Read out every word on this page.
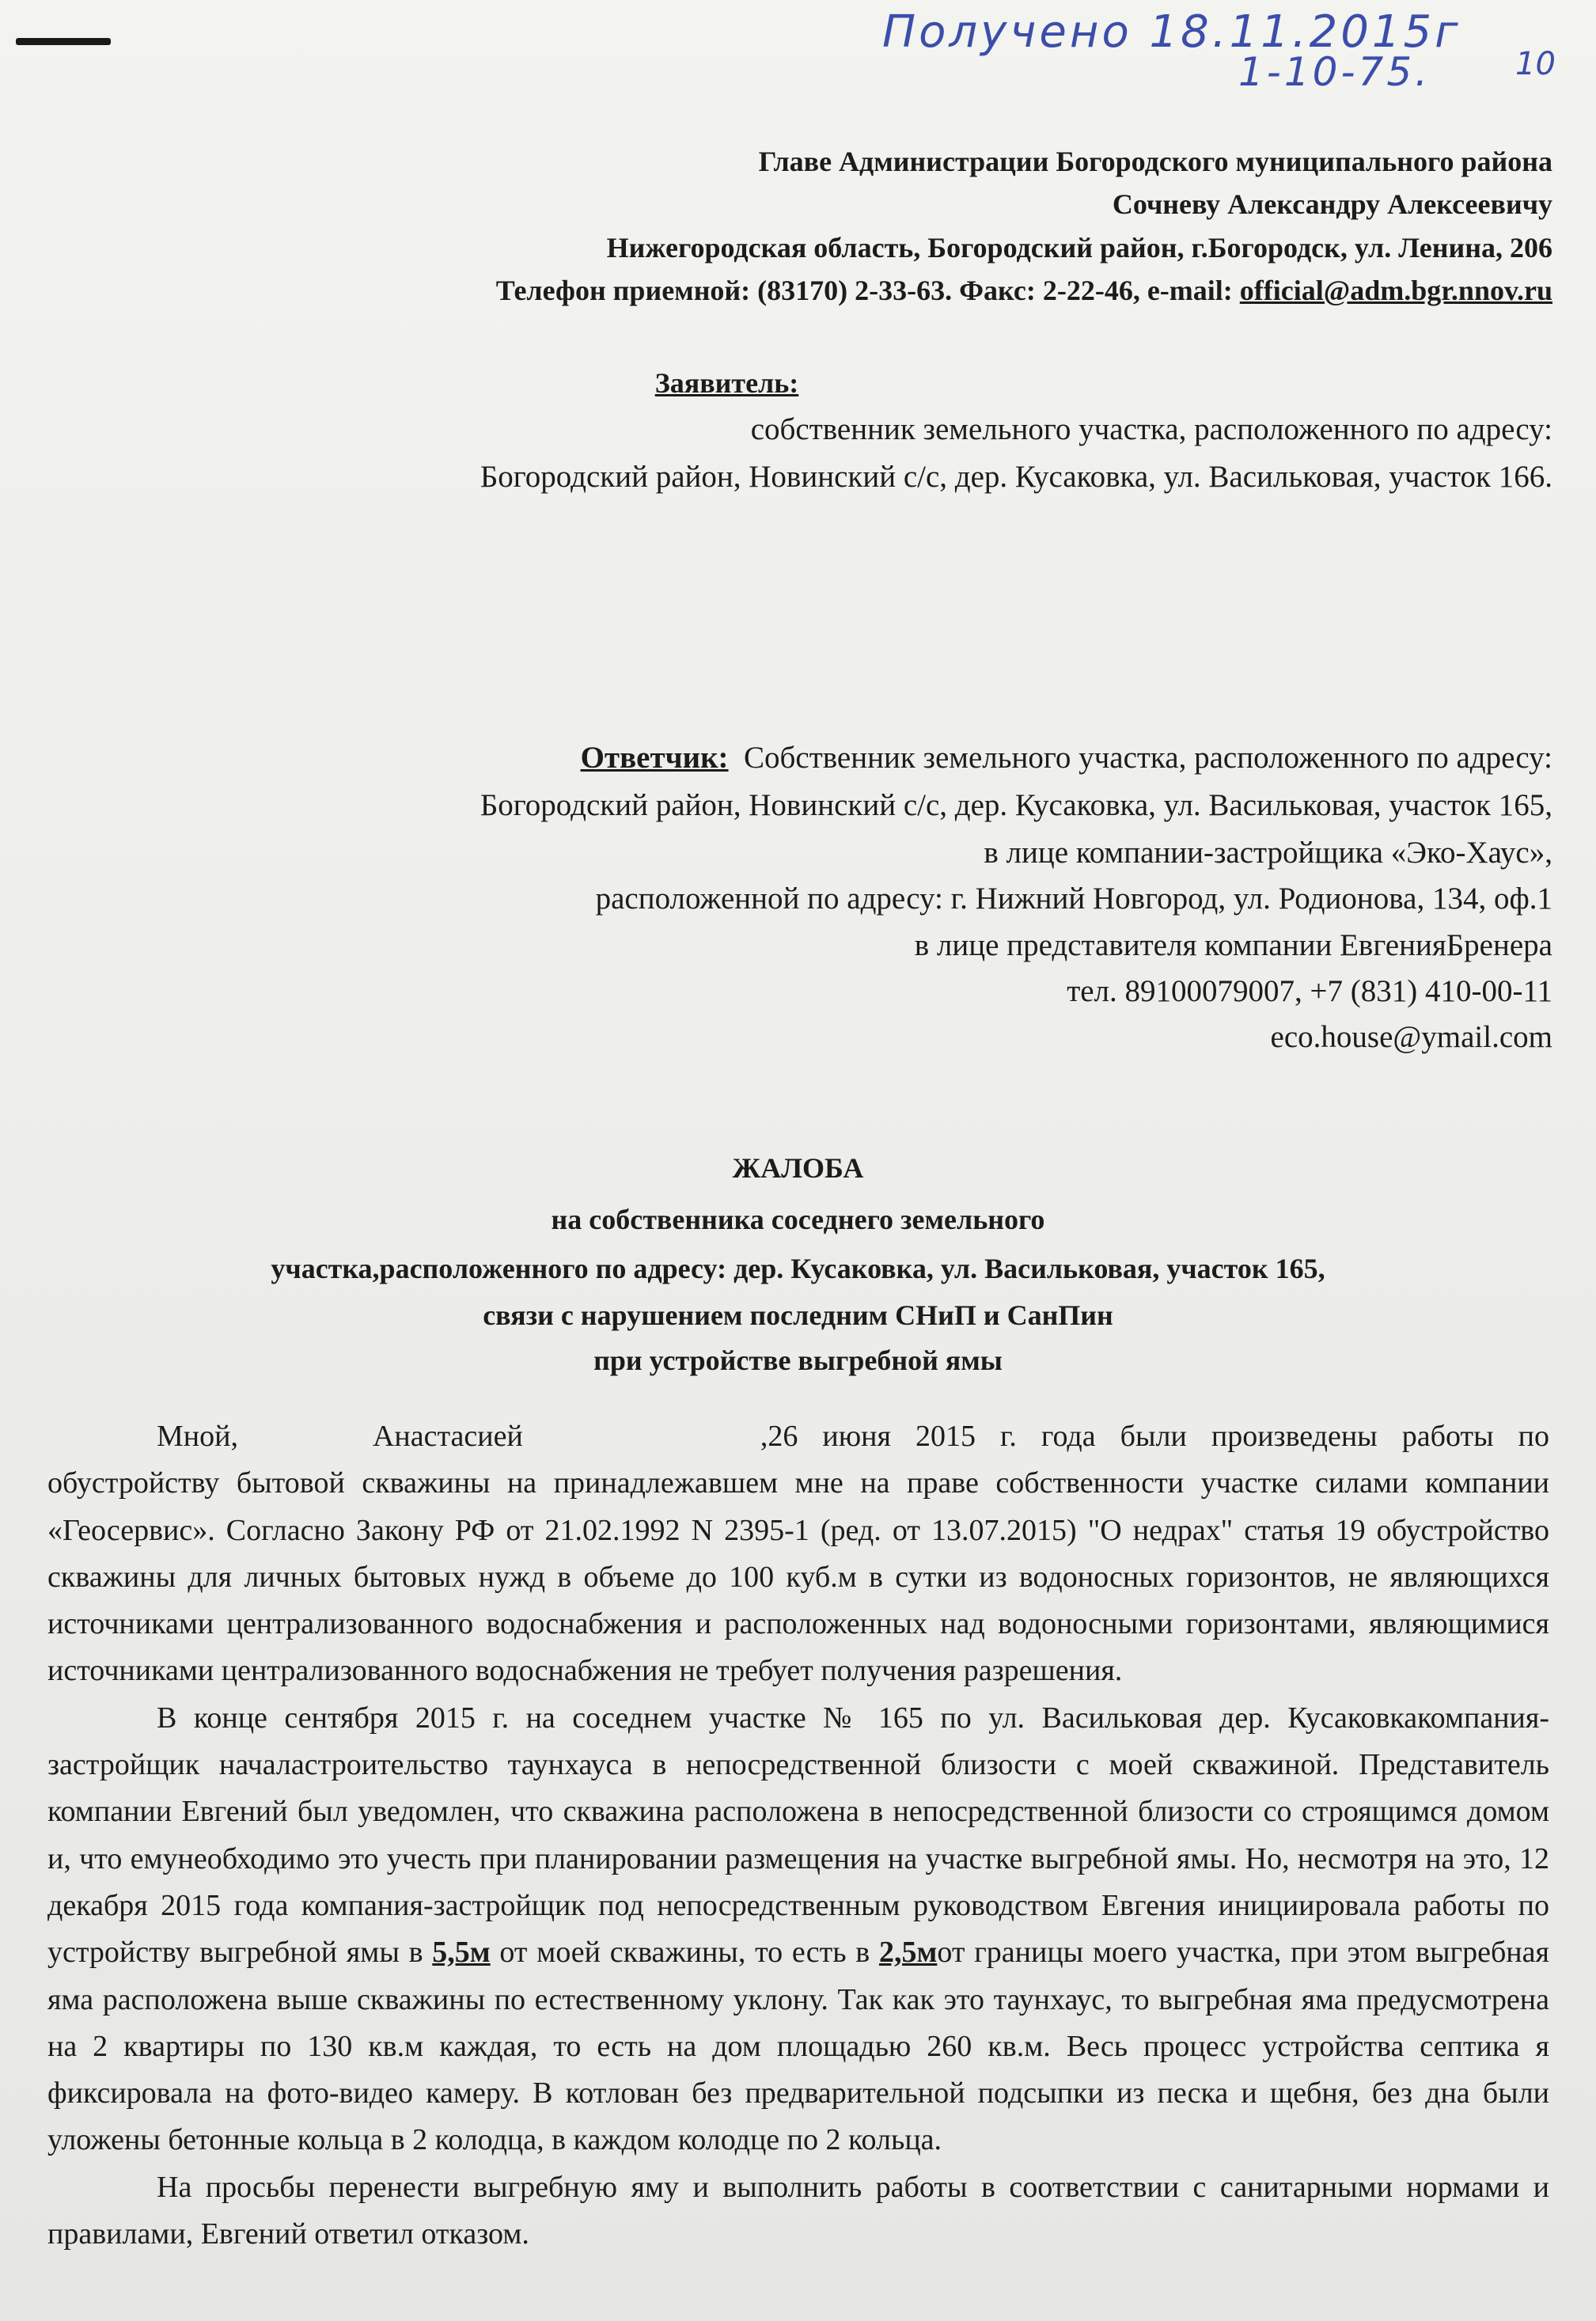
Получено 18.11.2015г
1-10-75.	10
Главе Администрации Богородского муниципального района
Сочневу Александру Алексеевичу
Нижегородская область, Богородский район, г.Богородск, ул. Ленина, 206
Телефон приемной: (83170) 2-33-63. Факс: 2-22-46, e-mail: official@adm.bgr.nnov.ru
Заявитель:
собственник земельного участка, расположенного по адресу:
Богородский район, Новинский с/с, дер. Кусаковка, ул. Васильковая, участок 166.
Ответчик: Собственник земельного участка, расположенного по адресу:
Богородский район, Новинский с/с, дер. Кусаковка, ул. Васильковая, участок 165,
в лице компании-застройщика «Эко-Хаус»,
расположенной по адресу: г. Нижний Новгород, ул. Родионова, 134, оф.1
в лице представителя компании ЕвгенияБренера
тел. 89100079007, +7 (831) 410-00-11
eco.house@ymail.com
ЖАЛОБА
на собственника соседнего земельного
участка,расположенного по адресу: дер. Кусаковка, ул. Васильковая, участок 165,
связи с нарушением последним СНиП и СанПин
при устройстве выгребной ямы

Мной,	Анастасией	,26 июня 2015 г. года были произведены работы по обустройству бытовой скважины на принадлежавшем мне на праве собственности участке силами компании «Геосервис». Согласно Закону РФ от 21.02.1992 N 2395-1 (ред. от 13.07.2015) "О недрах" статья 19 обустройство скважины для личных бытовых нужд в объеме до 100 куб.м в сутки из водоносных горизонтов, не являющихся источниками централизованного водоснабжения и расположенных над водоносными горизонтами, являющимися источниками централизованного водоснабжения не требует получения разрешения.

В конце сентября 2015 г. на соседнем участке № 165 по ул. Васильковая дер. Кусаковкакомпания-застройщик началастроительство таунхауса в непосредственной близости с моей скважиной. Представитель компании Евгений был уведомлен, что скважина расположена в непосредственной близости со строящимся домом и, что емунеобходимо это учесть при планировании размещения на участке выгребной ямы. Но, несмотря на это, 12 декабря 2015 года компания-застройщик под непосредственным руководством Евгения инициировала работы по устройству выгребной ямы в 5,5м от моей скважины, то есть в 2,5мот границы моего участка, при этом выгребная яма расположена выше скважины по естественному уклону. Так как это таунхаус, то выгребная яма предусмотрена на 2 квартиры по 130 кв.м каждая, то есть на дом площадью 260 кв.м. Весь процесс устройства септика я фиксировала на фото-видео камеру. В котлован без предварительной подсыпки из песка и щебня, без дна были уложены бетонные кольца в 2 колодца, в каждом колодце по 2 кольца.

На просьбы перенести выгребную яму и выполнить работы в соответствии с санитарными нормами и правилами, Евгений ответил отказом.
